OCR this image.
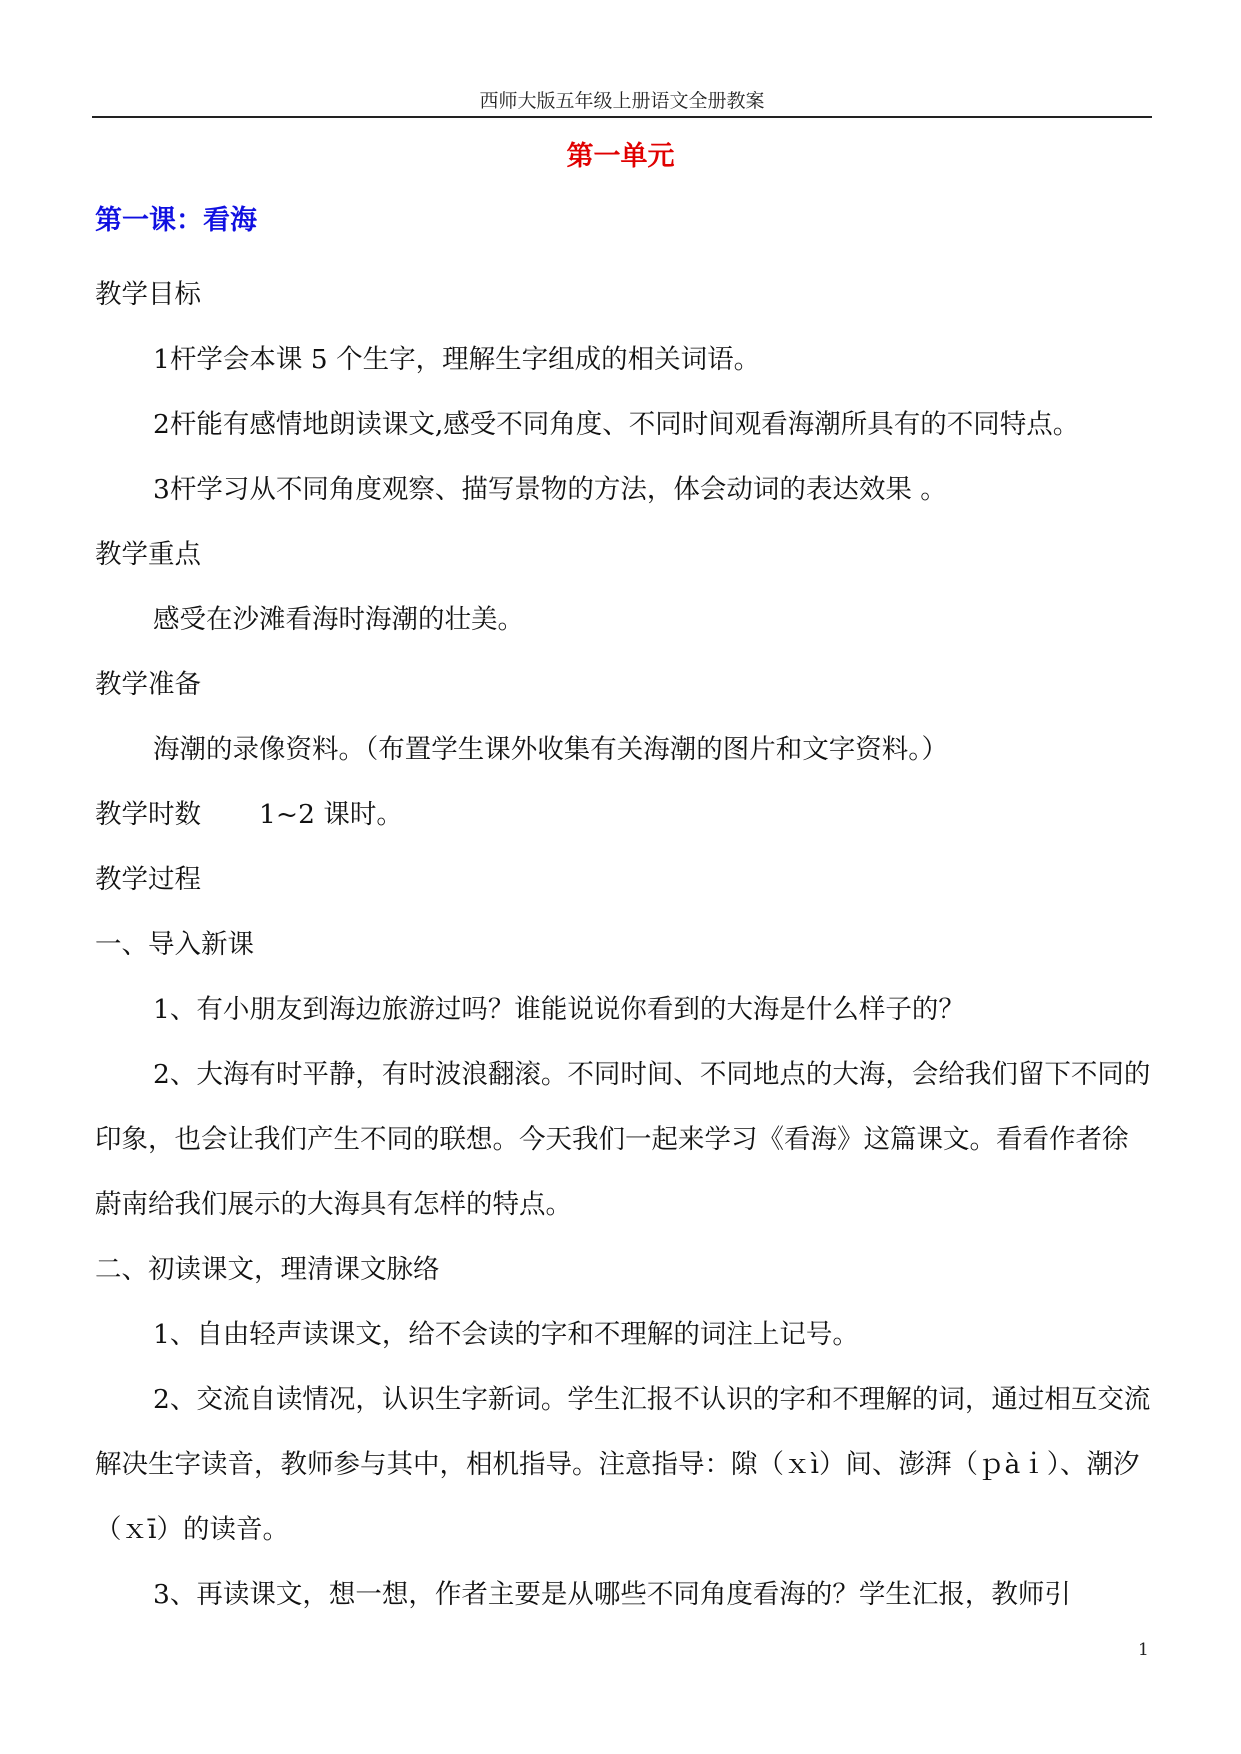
西师大版五年级上册语文全册教案
第一单元
第一课：看海

教学目标

1杆学会本课 5 个生字，理解生字组成的相关词语。

2杆能有感情地朗读课文,感受不同角度、不同时间观看海潮所具有的不同特点。

3杆学习从不同角度观察、描写景物的方法，体会动词的表达效果 。

教学重点

感受在沙滩看海时海潮的壮美。

教学准备

海潮的录像资料。（布置学生课外收集有关海潮的图片和文字资料。）

教学时数 1~2 课时。

教学过程

一、导入新课

1、有小朋友到海边旅游过吗？谁能说说你看到的大海是什么样子的？

2、大海有时平静，有时波浪翻滚。不同时间、不同地点的大海，会给我们留下不同的印象，也会让我们产生不同的联想。今天我们一起来学习《看海》这篇课文。看看作者徐蔚南给我们展示的大海具有怎样的特点。

二、初读课文，理清课文脉络

1、自由轻声读课文，给不会读的字和不理解的词注上记号。

2、交流自读情况，认识生字新词。学生汇报不认识的字和不理解的词，通过相互交流解决生字读音，教师参与其中，相机指导。注意指导：隙（ｘì）间、澎湃（ｐàｉ）、潮汐（ｘī）的读音。

3、再读课文，想一想，作者主要是从哪些不同角度看海的？学生汇报，教师引

1
